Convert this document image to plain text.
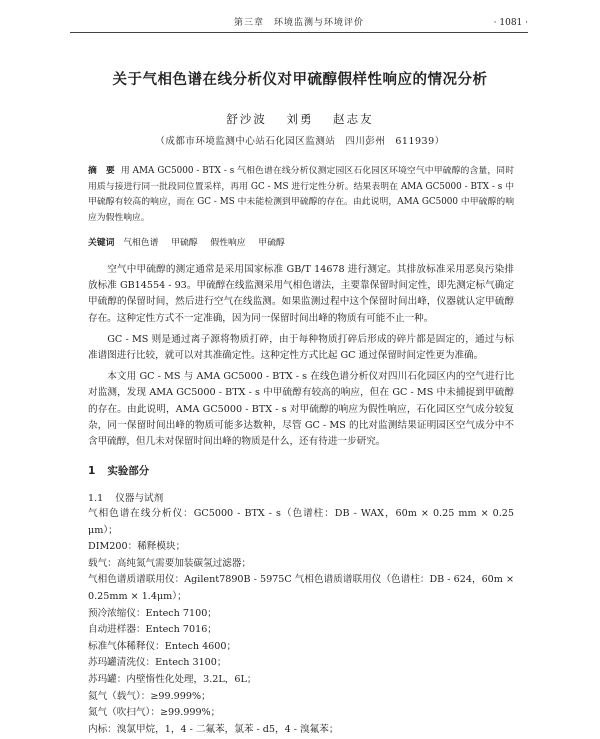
第三章　环境监测与环境评价	· 1081 ·
关于气相色谱在线分析仪对甲硫醇假样性响应的情况分析
舒沙波 刘勇 赵志友
（成都市环境监测中心站石化园区监测站　四川彭州　611939）
摘　要 用 AMA GC5000 - BTX - s 气相色谱在线分析仪测定园区石化园区环境空气中甲硫醇的含量，同时用质与接进行同一批段同位置采样，再用 GC - MS 进行定性分析。结果表明在 AMA GC5000 - BTX - s 中甲硫醇有较高的响应，而在 GC - MS 中未能检测到甲硫醇的存在。由此说明，AMA GC5000 中甲硫醇的响应为假性响应。
关键词 气相色谱 甲硫醇 假性响应 甲硫醇

空气中甲硫醇的测定通常是采用国家标准 GB/T 14678 进行测定。其排放标准采用恶臭污染排放标准 GB14554 - 93。甲硫醇在线监测采用气相色谱法，主要靠保留时间定性，即先测定标气确定甲硫醇的保留时间，然后进行空气在线监测。如果监测过程中这个保留时间出峰，仪器就认定甲硫醇存在。这种定性方式不一定准确，因为同一保留时间出峰的物质有可能不止一种。

GC - MS 则是通过离子源将物质打碎，由于每种物质打碎后形成的碎片都是固定的，通过与标准谱图进行比较，就可以对其准确定性。这种定性方式比起 GC 通过保留时间定性更为准确。

本文用 GC - MS 与 AMA GC5000 - BTX - s 在线色谱分析仪对四川石化园区内的空气进行比对监测，发现 AMA GC5000 - BTX - s 中甲硫醇有较高的响应，但在 GC - MS 中未捕捉到甲硫醇的存在。由此说明，AMA GC5000 - BTX - s 对甲硫醇的响应为假性响应，石化园区空气成分较复杂，同一保留时间出峰的物质可能多达数种，尽管 GC - MS 的比对监测结果证明园区空气成分中不含甲硫醇，但几未对保留时间出峰的物质是什么，还有待进一步研究。

1 实验部分
1.1 仪器与试剂
气相色谱在线分析仪：GC5000 - BTX - s（色谱柱：DB - WAX，60m × 0.25 mm × 0.25 μm）；
DIM200：稀释模块；
载气：高纯氮气需要加装碳氢过滤器；
气相色谱质谱联用仪：Agilent7890B - 5975C 气相色谱质谱联用仪（色谱柱：DB - 624，60m × 0.25mm × 1.4μm）；
预冷浓缩仪：Entech 7100；
自动进样器：Entech 7016；
标准气体稀释仪：Entech 4600；
苏玛罐清洗仪：Entech 3100；
苏玛罐：内壁惰性化处理，3.2L，6L；
氦气（载气）：≥99.999%；
氮气（吹扫气）：≥99.999%；
内标：溴氯甲烷，1，4 - 二氟苯，氯苯 - d5，4 - 溴氟苯；
